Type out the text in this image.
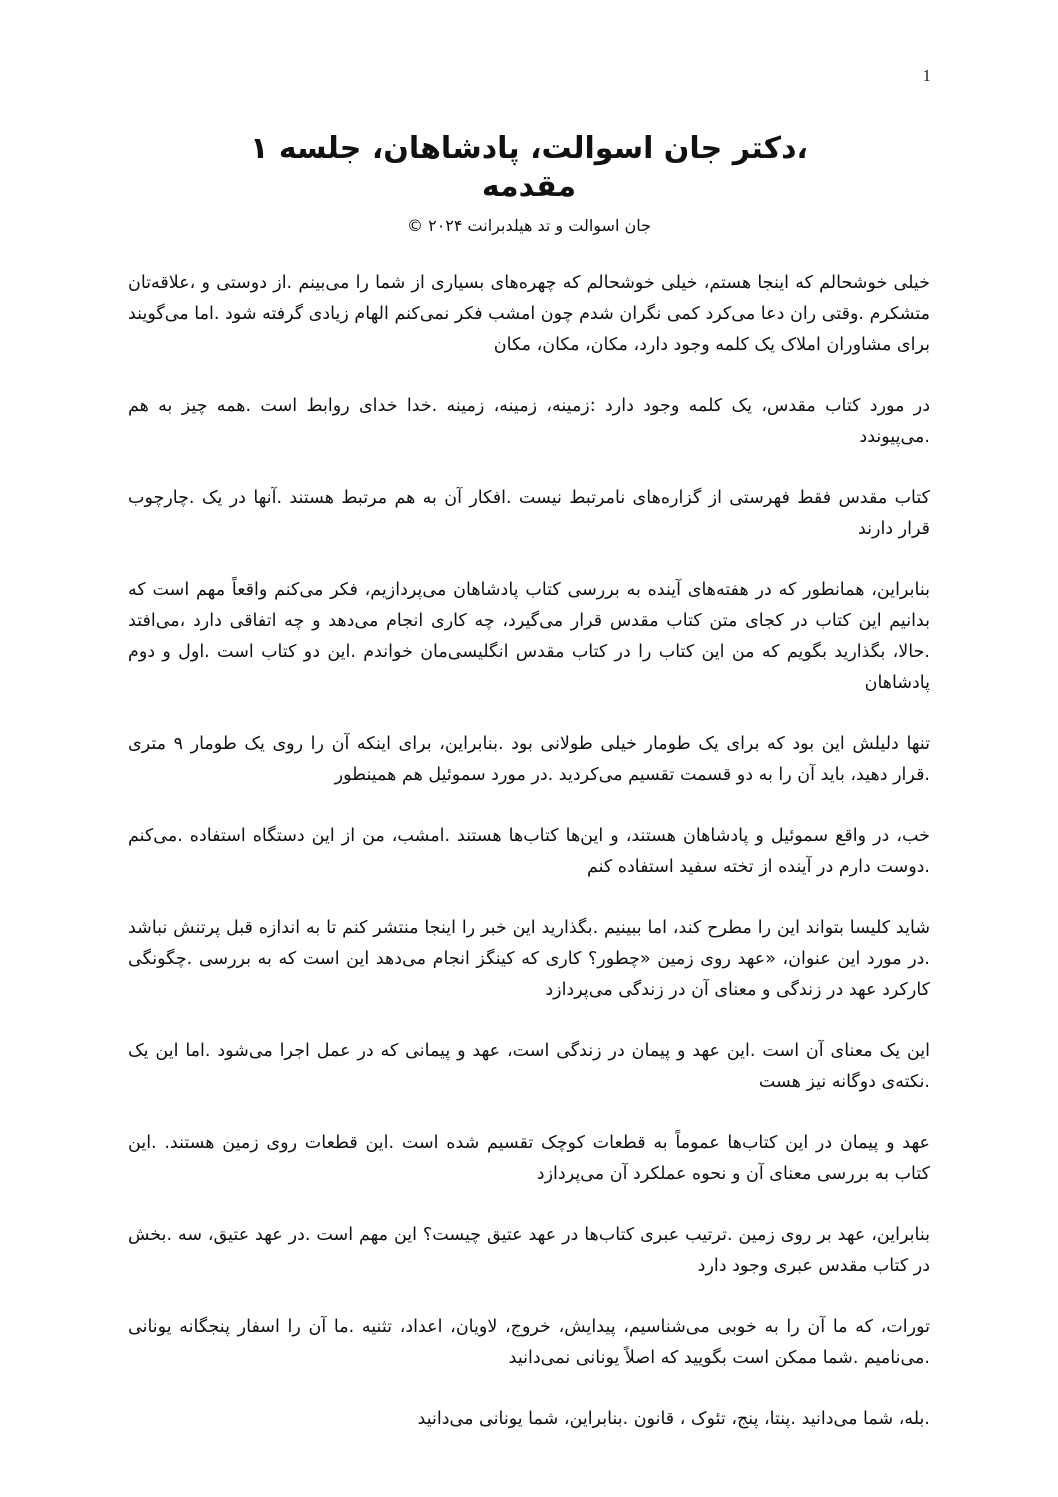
1
،دکتر جان اسوالت، پادشاهان، جلسه ۱
مقدمه
جان اسوالت و تد هیلدبرانت ۲۰۲۴ ©

خیلی خوشحالم که اینجا هستم، خیلی خوشحالم که چهره‌های بسیاری از شما را می‌بینم .از دوستی و ،علاقه‌تان متشکرم .وقتی ران دعا می‌کرد کمی نگران شدم چون امشب فکر نمی‌کنم الهام زیادی گرفته شود .اما می‌گویند برای مشاوران املاک یک کلمه وجود دارد، مکان، مکان، مکان

در مورد کتاب مقدس، یک کلمه وجود دارد :زمینه، زمینه، زمینه .خدا خدای روابط است .همه چیز به هم .می‌پیوندد

کتاب مقدس فقط فهرستی از گزاره‌های نامرتبط نیست .افکار آن به هم مرتبط هستند .آنها در یک .چارچوب قرار دارند

بنابراین، همانطور که در هفته‌های آینده به بررسی کتاب پادشاهان می‌پردازیم، فکر می‌کنم واقعاً مهم است که بدانیم این کتاب در کجای متن کتاب مقدس قرار می‌گیرد، چه کاری انجام می‌دهد و چه اتفاقی دارد ،می‌افتد .حالا، بگذارید بگویم که من این کتاب را در کتاب مقدس انگلیسی‌مان خواندم .این دو کتاب است .اول و دوم پادشاهان

تنها دلیلش این بود که برای یک طومار خیلی طولانی بود .بنابراین، برای اینکه آن را روی یک طومار ۹ متری .قرار دهید، باید آن را به دو قسمت تقسیم می‌کردید .در مورد سموئیل هم همینطور

خب، در واقع سموئیل و پادشاهان هستند، و این‌ها کتاب‌ها هستند .امشب، من از این دستگاه استفاده .می‌کنم .دوست دارم در آینده از تخته سفید استفاده کنم

شاید کلیسا بتواند این را مطرح کند، اما ببینیم .بگذارید این خبر را اینجا منتشر کنم تا به اندازه قبل پرتنش نباشد .در مورد این عنوان، «عهد روی زمین «چطور؟ کاری که کینگز انجام می‌دهد این است که به بررسی .چگونگی کارکرد عهد در زندگی و معنای آن در زندگی می‌پردازد

این یک معنای آن است .این عهد و پیمان در زندگی است، عهد و پیمانی که در عمل اجرا می‌شود .اما این یک .نکته‌ی دوگانه نیز هست

عهد و پیمان در این کتاب‌ها عموماً به قطعات کوچک تقسیم شده است .این قطعات روی زمین هستند. .این کتاب به بررسی معنای آن و نحوه عملکرد آن می‌پردازد

بنابراین، عهد بر روی زمین .ترتیب عبری کتاب‌ها در عهد عتیق چیست؟ این مهم است .در عهد عتیق، سه .بخش در کتاب مقدس عبری وجود دارد

تورات، که ما آن را به خوبی می‌شناسیم، پیدایش، خروج، لاویان، اعداد، تثنیه .ما آن را اسفار پنجگانه یونانی .می‌نامیم .شما ممکن است بگویید که اصلاً یونانی نمی‌دانید

.بله، شما می‌دانید .پنتا، پنج، تئوک ، قانون .بنابراین، شما یونانی می‌دانید
